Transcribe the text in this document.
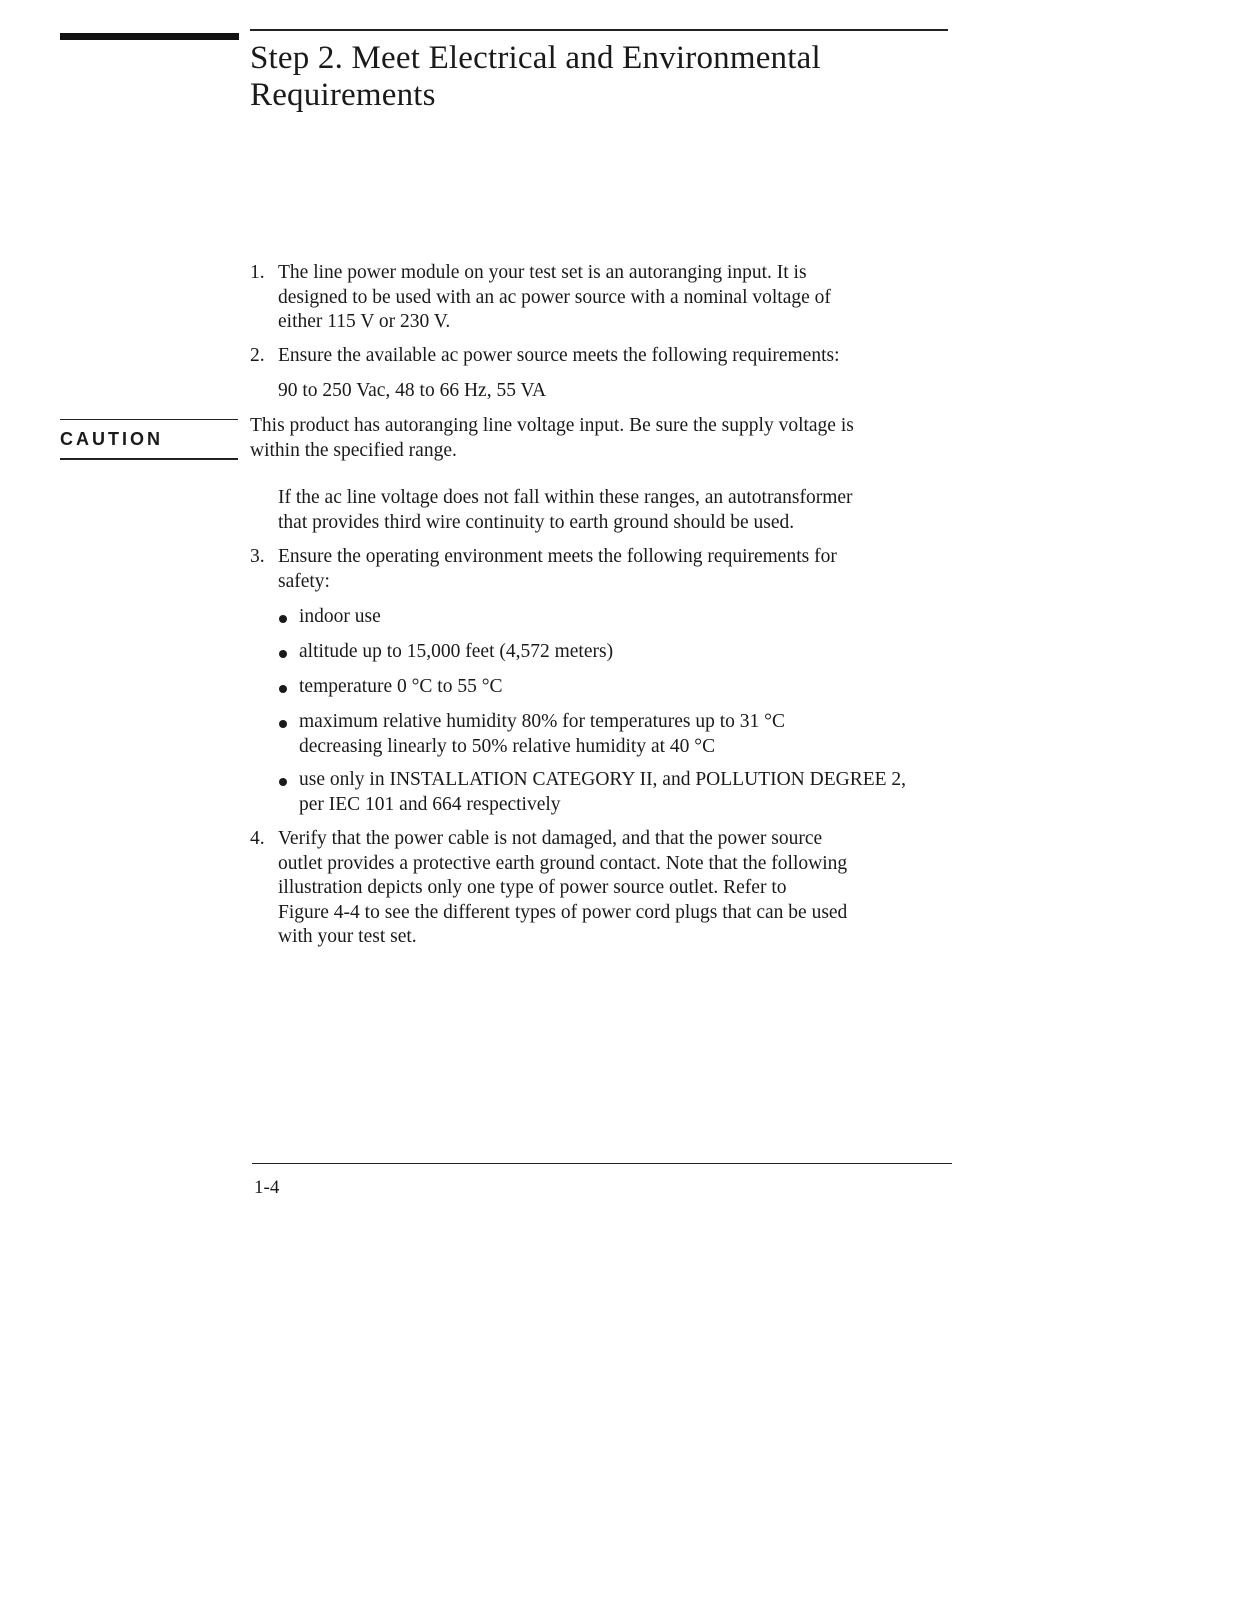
Step 2. Meet Electrical and Environmental
Requirements
1. The line power module on your test set is an autoranging input. It is
designed to be used with an ac power source with a nominal voltage of
either 115 V or 230 V.
2. Ensure the available ac power source meets the following requirements:
90 to 250 Vac, 48 to 66 Hz, 55 VA
CAUTION
This product has autoranging line voltage input. Be sure the supply voltage is
within the specified range.
If the ac line voltage does not fall within these ranges, an autotransformer
that provides third wire continuity to earth ground should be used.
3. Ensure the operating environment meets the following requirements for
safety:
indoor use
altitude up to 15,000 feet (4,572 meters)
temperature 0 °C to 55 °C
maximum relative humidity 80% for temperatures up to 31 °C
decreasing linearly to 50% relative humidity at 40 °C
use only in INSTALLATION CATEGORY II, and POLLUTION DEGREE 2,
per IEC 101 and 664 respectively
4. Verify that the power cable is not damaged, and that the power source
outlet provides a protective earth ground contact. Note that the following
illustration depicts only one type of power source outlet. Refer to
Figure 4-4 to see the different types of power cord plugs that can be used
with your test set.
1-4
